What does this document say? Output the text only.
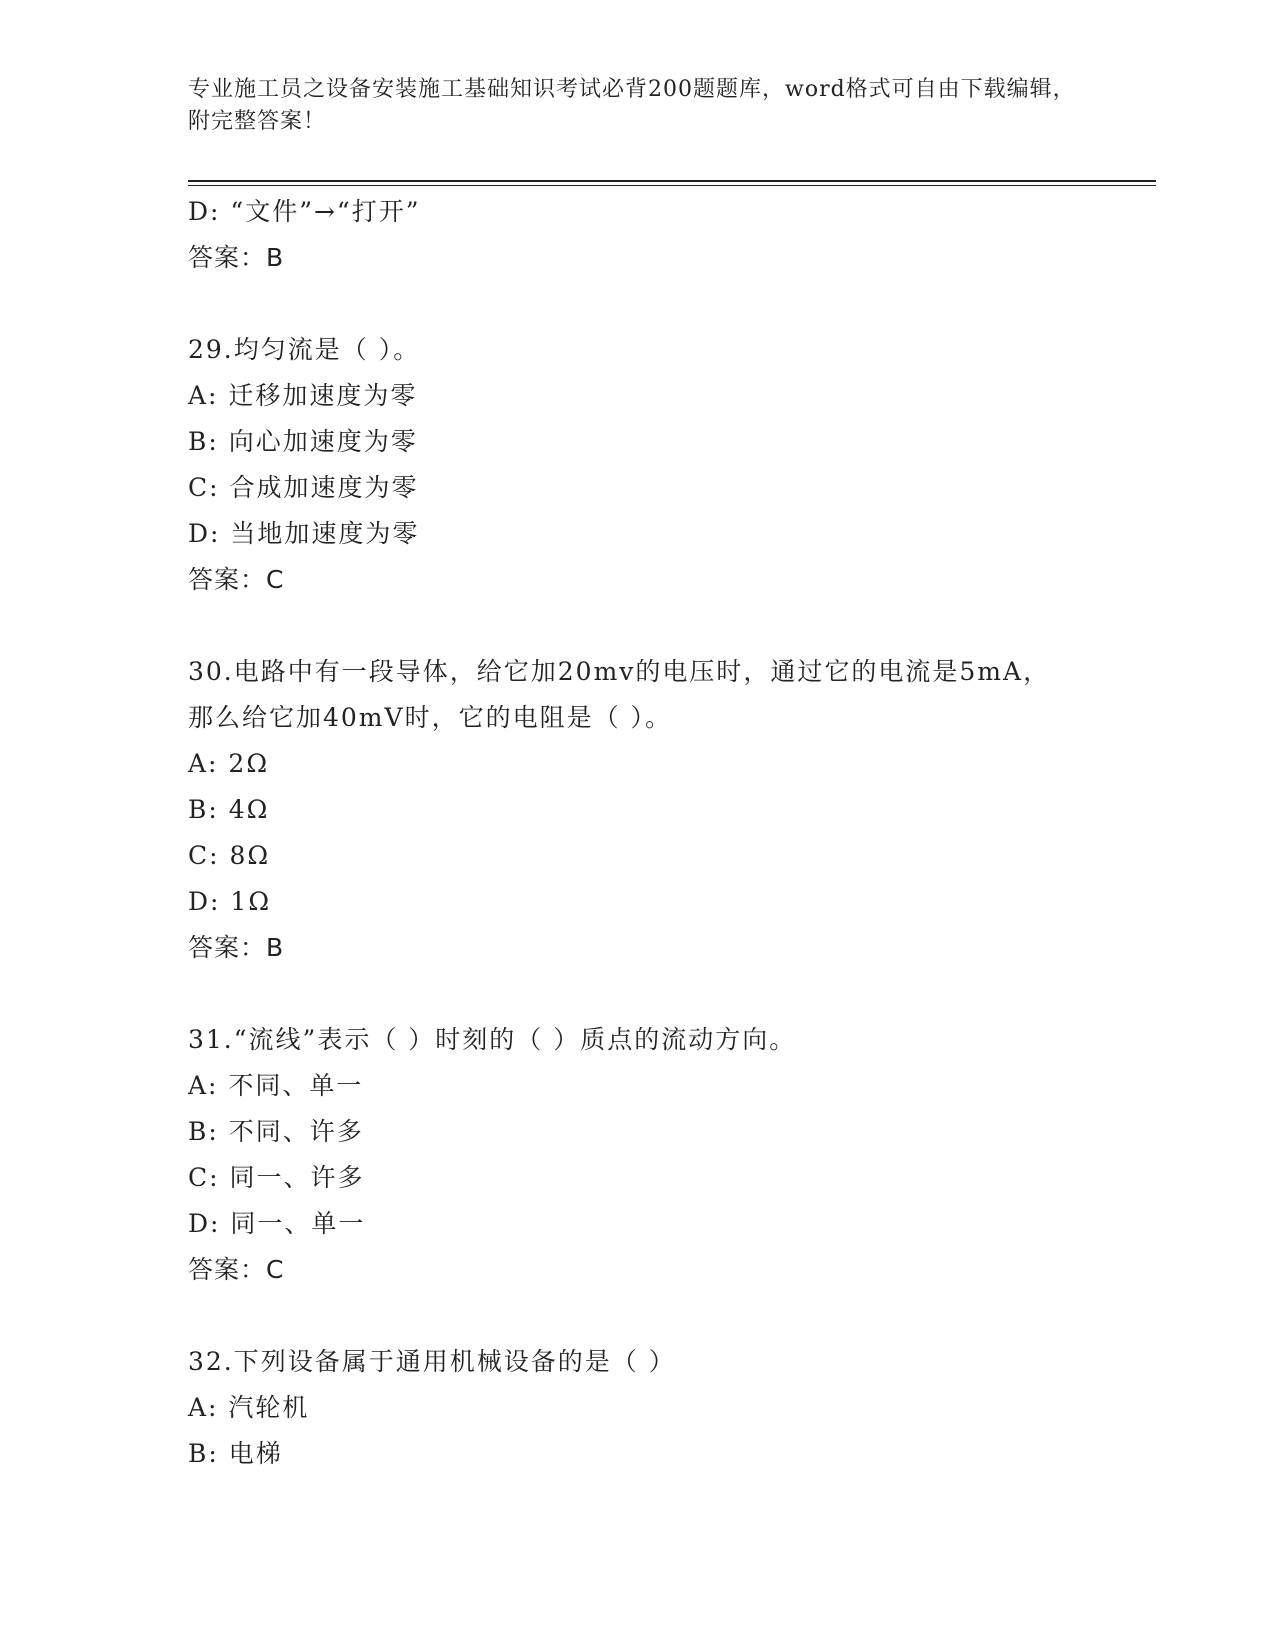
专业施工员之设备安装施工基础知识考试必背200题题库，word格式可自由下载编辑，附完整答案！
D: “文件”→“打开”
答案：B
29.均匀流是（ ）。
A: 迁移加速度为零
B: 向心加速度为零
C: 合成加速度为零
D: 当地加速度为零
答案：C
30.电路中有一段导体，给它加20mv的电压时，通过它的电流是5mA，
那么给它加40mV时，它的电阻是（ ）。
A: 2Ω
B: 4Ω
C: 8Ω
D: 1Ω
答案：B
31.“流线”表示（ ）时刻的（ ）质点的流动方向。
A: 不同、单一
B: 不同、许多
C: 同一、许多
D: 同一、单一
答案：C
32.下列设备属于通用机械设备的是（ ）
A: 汽轮机
B: 电梯
